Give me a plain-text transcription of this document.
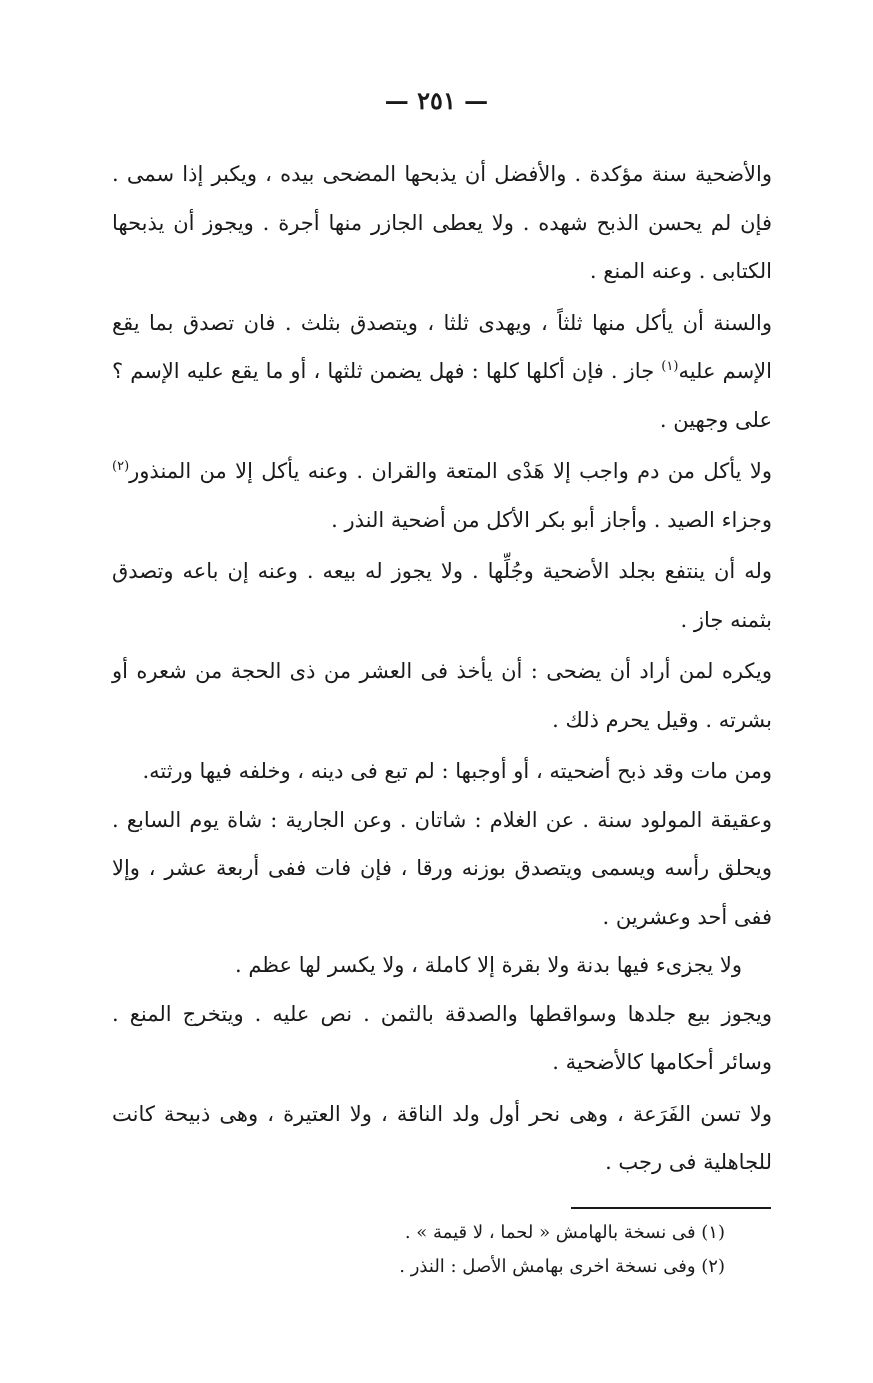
— ٢٥١ —

والأضحية سنة مؤكدة . والأفضل أن يذبحها المضحى بيده ، ويكبر إذا سمى . فإن لم يحسن الذبح شهده . ولا يعطى الجازر منها أجرة . ويجوز أن يذبحها الكتابى . وعنه المنع .

والسنة أن يأكل منها ثلثاً ، ويهدى ثلثا ، ويتصدق بثلث . فان تصدق بما يقع الإسم عليه$^{(١)}$ جاز . فإن أكلها كلها : فهل يضمن ثلثها ، أو ما يقع عليه الإسم ؟ على وجهين .

ولا يأكل من دم واجب إلا هَدْى المتعة والقران . وعنه يأكل إلا من المنذور$^{(٢)}$ وجزاء الصيد . وأجاز أبو بكر الأكل من أضحية النذر .

وله أن ينتفع بجلد الأضحية وجُلِّها . ولا يجوز له بيعه . وعنه إن باعه وتصدق بثمنه جاز .

ويكره لمن أراد أن يضحى : أن يأخذ فى العشر من ذى الحجة من شعره أو بشرته . وقيل يحرم ذلك .

ومن مات وقد ذبح أضحيته ، أو أوجبها : لم تبع فى دينه ، وخلفه فيها ورثته.

وعقيقة المولود سنة . عن الغلام : شاتان . وعن الجارية : شاة يوم السابع . ويحلق رأسه ويسمى ويتصدق بوزنه ورقا ، فإن فات ففى أربعة عشر ، وإلا ففى أحد وعشرين .

ولا يجزىء فيها بدنة ولا بقرة إلا كاملة ، ولا يكسر لها عظم .

ويجوز بيع جلدها وسواقطها والصدقة بالثمن . نص عليه . ويتخرج المنع . وسائر أحكامها كالأضحية .

ولا تسن الفَرَعة ، وهى نحر أول ولد الناقة ، ولا العتيرة ، وهى ذبيحة كانت للجاهلية فى رجب .

(١) فى نسخة بالهامش « لحما ، لا قيمة » .

(٢) وفى نسخة اخرى بهامش الأصل : النذر .
